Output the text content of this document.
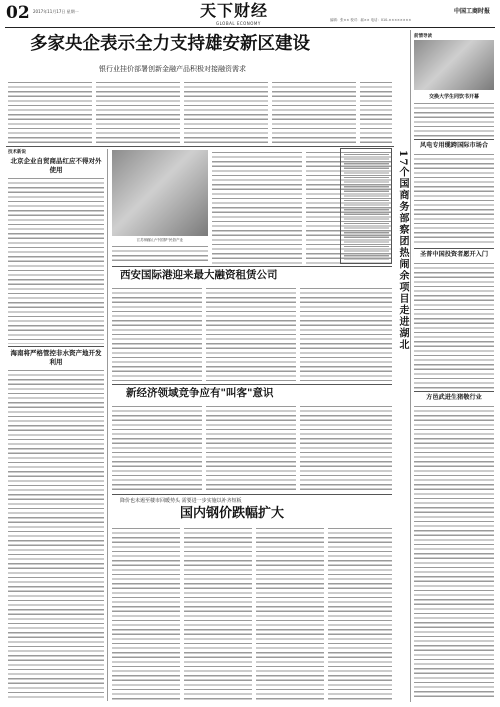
02 2017年11月17日 星期一	天下财经
GLOBAL ECONOMY
中国工商时报
编辑：张×× 校对：郝×× 电话：010-××××××××
多家央企表示全力支持雄安新区建设
银行业挂价部署创新金融产品积极对接融资需求
技术新说
北京企业自贸商品红应不得对外使用
海南将严格管控非水资产地开发利用
江苏铜邮山"中国梦"民俗产业	17个国商务部察团热闹余项目走进湖北
西安国际港迎来最大融资租赁公司
新经济领域竞争应有"叫客"意识
降价也未遏至楼市回暖势头 需要进一步实施以补齐短板
国内钢价跌幅扩大
前情导读
交换大学生同饮书开幕
风电专用缆跨国际市场合
圣普中国投资者愿开入门
方邑武进生猪敬行业
